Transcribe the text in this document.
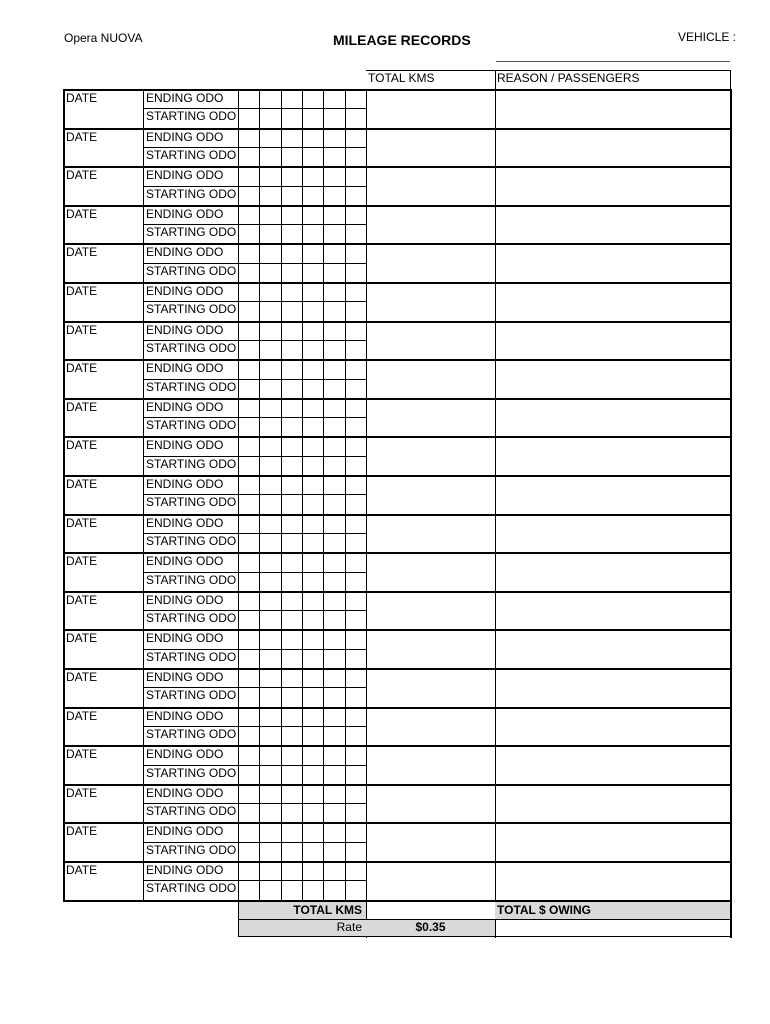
Opera NUOVA	MILEAGE RECORDS	VEHICLE :
TOTAL KMS	REASON / PASSENGERS
DATE	ENDING ODO
STARTING ODO
DATE	ENDING ODO
STARTING ODO
DATE	ENDING ODO
STARTING ODO
DATE	ENDING ODO
STARTING ODO
DATE	ENDING ODO
STARTING ODO
DATE	ENDING ODO
STARTING ODO
DATE	ENDING ODO
STARTING ODO
DATE	ENDING ODO
STARTING ODO
DATE	ENDING ODO
STARTING ODO
DATE	ENDING ODO
STARTING ODO
DATE	ENDING ODO
STARTING ODO
DATE	ENDING ODO
STARTING ODO
DATE	ENDING ODO
STARTING ODO
DATE	ENDING ODO
STARTING ODO
DATE	ENDING ODO
STARTING ODO
DATE	ENDING ODO
STARTING ODO
DATE	ENDING ODO
STARTING ODO
DATE	ENDING ODO
STARTING ODO
DATE	ENDING ODO
STARTING ODO
DATE	ENDING ODO
STARTING ODO
DATE	ENDING ODO
STARTING ODO
TOTAL KMS	TOTAL $ OWING
Rate	$0.35
